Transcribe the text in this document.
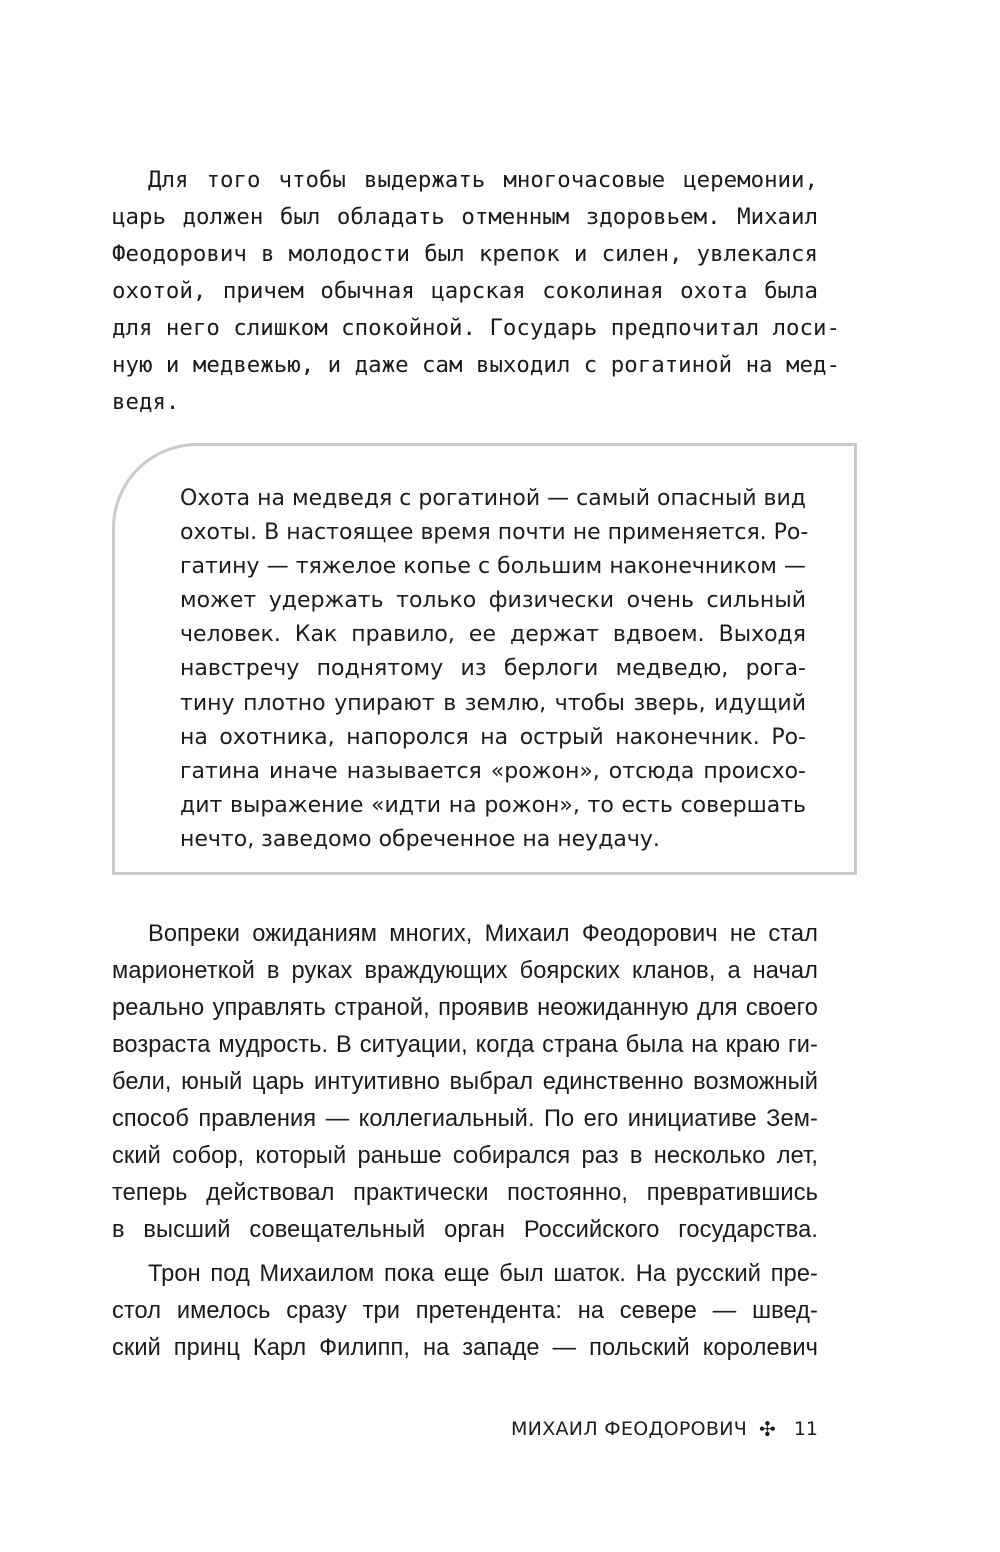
Для того чтобы выдержать многочасовые церемонии,
царь должен был обладать отменным здоровьем. Михаил
Феодорович в молодости был крепок и силен, увлекался
охотой, причем обычная царская соколиная охота была
для него слишком спокойной. Государь предпочитал лоси-
ную и медвежью, и даже сам выходил с рогатиной на мед-
ведя.
Охота на медведя с рогатиной — самый опасный вид
охоты. В настоящее время почти не применяется. Ро-
гатину — тяжелое копье с большим наконечником —
может удержать только физически очень сильный
человек. Как правило, ее держат вдвоем. Выходя
навстречу поднятому из берлоги медведю, рога-
тину плотно упирают в землю, чтобы зверь, идущий
на охотника, напоролся на острый наконечник. Ро-
гатина иначе называется «рожон», отсюда происхо-
дит выражение «идти на рожон», то есть совершать
нечто, заведомо обреченное на неудачу.
Вопреки ожиданиям многих, Михаил Феодорович не стал
марионеткой в руках враждующих боярских кланов, а начал
реально управлять страной, проявив неожиданную для своего
возраста мудрость. В ситуации, когда страна была на краю ги-
бели, юный царь интуитивно выбрал единственно возможный
способ правления — коллегиальный. По его инициативе Зем-
ский собор, который раньше собирался раз в несколько лет,
теперь действовал практически постоянно, превратившись
в высший совещательный орган Российского государства.
Трон под Михаилом пока еще был шаток. На русский пре-
стол имелось сразу три претендента: на севере — швед-
ский принц Карл Филипп, на западе — польский королевич
МИХАИЛ ФЕОДОРОВИЧ ✣ 11
